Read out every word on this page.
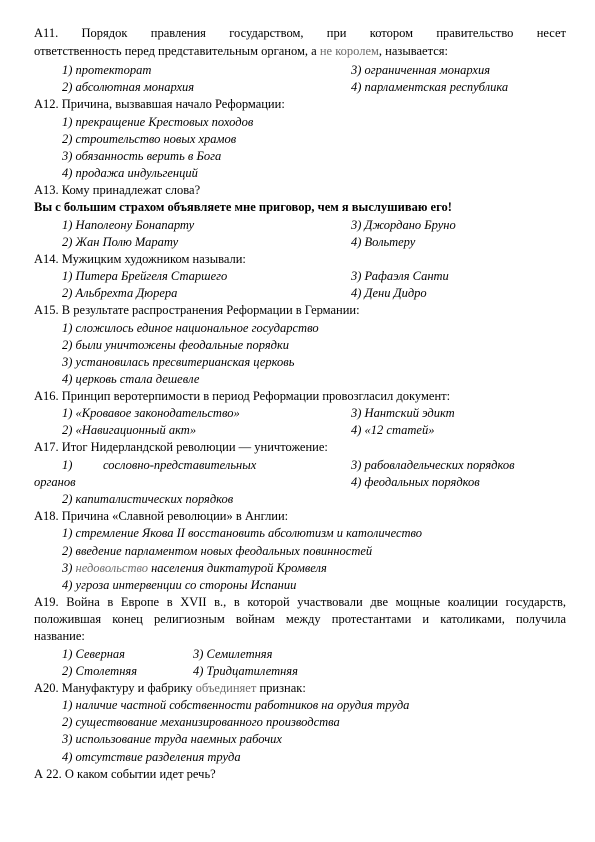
А11. Порядок правления государством, при котором правительство несет
ответственность перед представительным органом, а не королем, называется:
1) протекторат	3) ограниченная монархия
2) абсолютная монархия	4) парламентская республика
А12. Причина, вызвавшая начало Реформации:
1) прекращение Крестовых походов
2) строительство новых храмов
3) обязанность верить в Бога
4) продажа индульгенций
А13. Кому принадлежат слова?
Вы с большим страхом объявляете мне приговор, чем я выслушиваю его!
1) Наполеону Бонапарту	3) Джордано Бруно
2) Жан Полю Марату	4) Вольтеру
А14. Мужицким художником называли:
1) Питера Брейгеля Старшего	3) Рафаэля Санти
2) Альбрехта Дюрера	4) Дени Дидро
А15. В результате распространения Реформации в Германии:
1) сложилось единое национальное государство
2) были уничтожены феодальные порядки
3) установилась пресвитерианская церковь
4) церковь стала дешевле
А16. Принцип веротерпимости в период Реформации провозгласил документ:
1) «Кровавое законодательство»	3) Нантский эдикт
2) «Навигационный акт»	4) «12 статей»
А17. Итог Нидерландской революции — уничтожение:
1) сословно-представительных	3) рабовладельческих порядков
органов	4) феодальных порядков
2) капиталистических порядков
А18. Причина «Славной революции» в Англии:
1) стремление Якова II восстановить абсолютизм и католичество
2) введение парламентом новых феодальных повинностей
3) недовольство населения диктатурой Кромвеля
4) угроза интервенции со стороны Испании
А19. Война в Европе в XVII в., в которой участвовали две мощные коалиции государств,
положившая конец религиозным войнам между протестантами и католиками, получила
название:
1) Северная	3) Семилетняя
2) Столетняя	4) Тридцатилетняя
А20. Мануфактуру и фабрику объединяет признак:
1) наличие частной собственности работников на орудия труда
2) существование механизированного производства
3) использование труда наемных рабочих
4) отсутствие разделения труда
А 22. О каком событии идет речь?
